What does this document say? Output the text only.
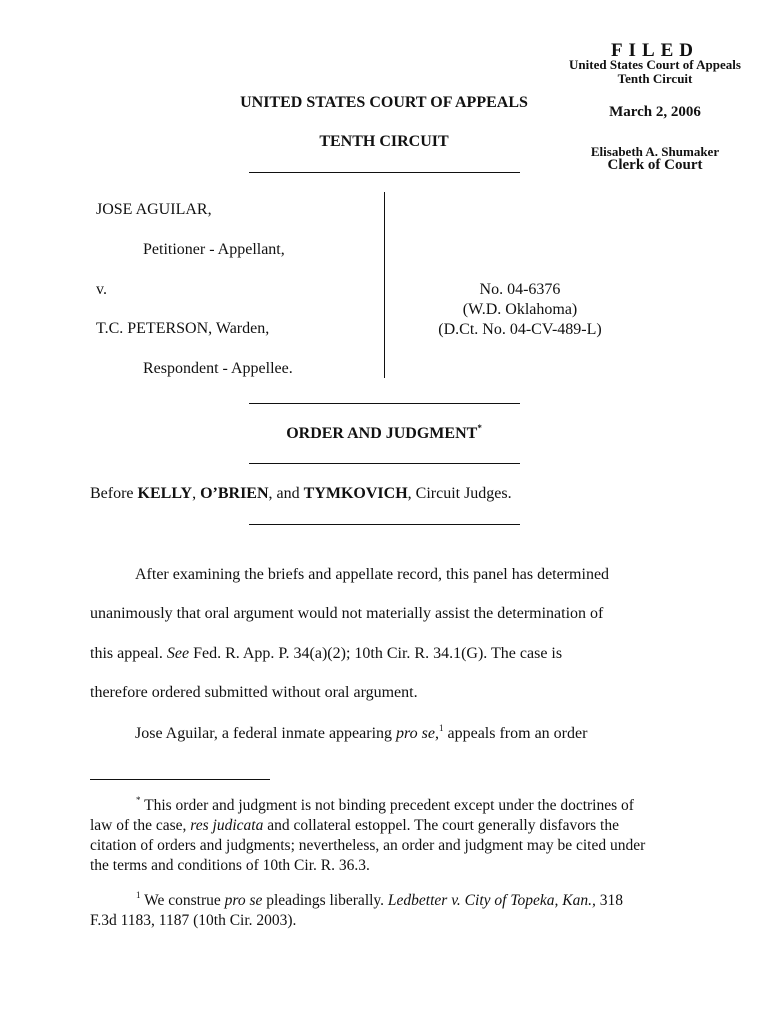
FILED
United States Court of Appeals
Tenth Circuit
March 2, 2006
Elisabeth A. Shumaker
Clerk of Court
UNITED STATES COURT OF APPEALS
TENTH CIRCUIT
JOSE AGUILAR,
Petitioner - Appellant,
v.
T.C. PETERSON, Warden,
Respondent - Appellee.
No. 04-6376
(W.D. Oklahoma)
(D.Ct. No. 04-CV-489-L)
ORDER AND JUDGMENT*
Before KELLY, O’BRIEN, and TYMKOVICH, Circuit Judges.
After examining the briefs and appellate record, this panel has determined
unanimously that oral argument would not materially assist the determination of
this appeal. See Fed. R. App. P. 34(a)(2); 10th Cir. R. 34.1(G). The case is
therefore ordered submitted without oral argument.
Jose Aguilar, a federal inmate appearing pro se,$^1$ appeals from an order
* This order and judgment is not binding precedent except under the doctrines of
law of the case, res judicata and collateral estoppel. The court generally disfavors the
citation of orders and judgments; nevertheless, an order and judgment may be cited under
the terms and conditions of 10th Cir. R. 36.3.
$^1$ We construe pro se pleadings liberally. Ledbetter v. City of Topeka, Kan., 318
F.3d 1183, 1187 (10th Cir. 2003).
